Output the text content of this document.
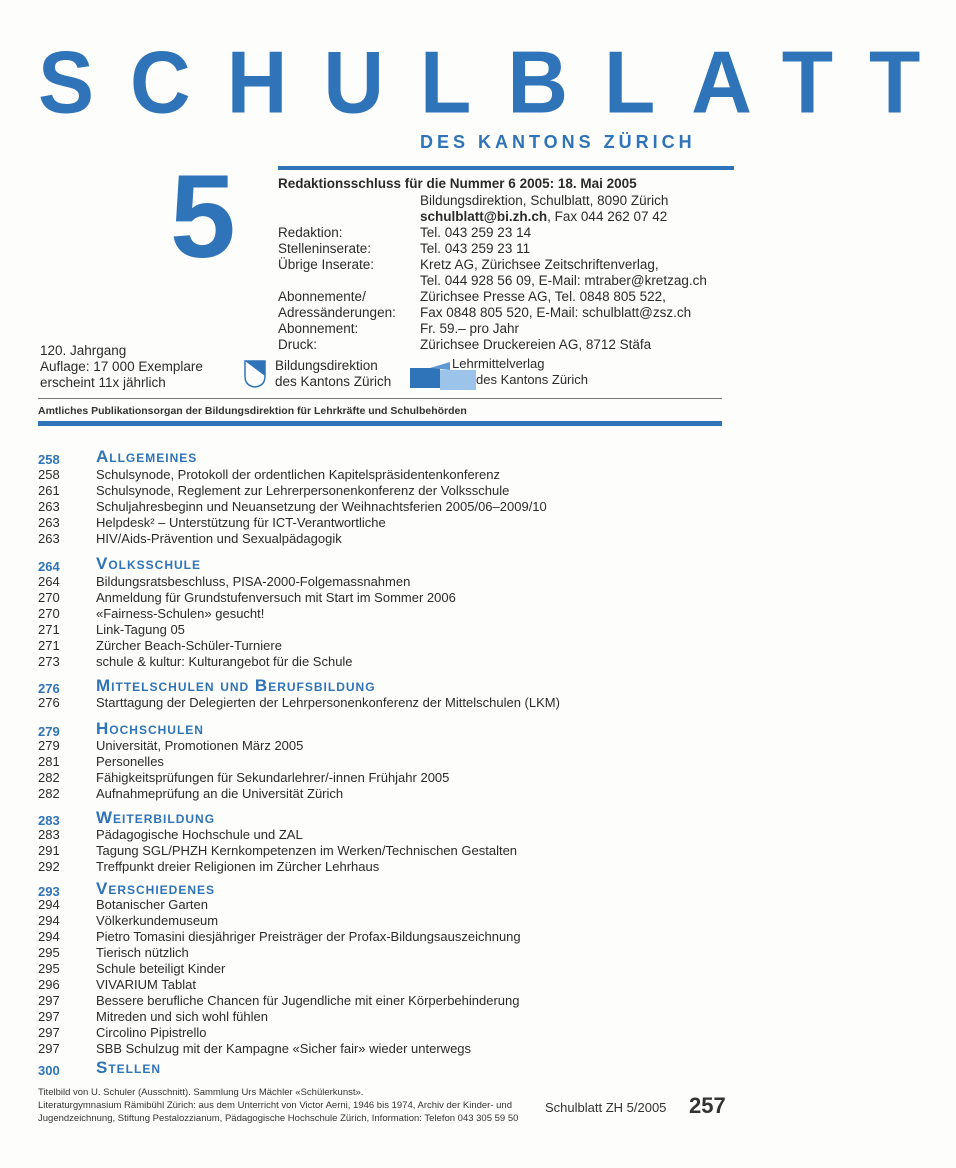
SCHULBLATT
DES KANTONS ZÜRICH
5	Redaktionsschluss für die Nummer 6 2005: 18. Mai 2005
Bildungsdirektion, Schulblatt, 8090 Zürich
schulblatt@bi.zh.ch, Fax 044 262 07 42
Redaktion:	Tel. 043 259 23 14
Stelleninserate:	Tel. 043 259 23 11
Übrige Inserate:	Kretz AG, Zürichsee Zeitschriftenverlag,
Tel. 044 928 56 09, E-Mail: mtraber@kretzag.ch
Abonnemente/	Zürichsee Presse AG, Tel. 0848 805 522,
Adressänderungen: Fax 0848 805 520, E-Mail: schulblatt@zsz.ch
Abonnement:	Fr. 59.– pro Jahr
Druck:	Zürichsee Druckereien AG, 8712 Stäfa
120. Jahrgang
Auflage: 17 000 Exemplare
erscheint 11x jährlich
Bildungsdirektion
des Kantons Zürich
Lehrmittelverlag
des Kantons Zürich
Amtliches Publikationsorgan der Bildungsdirektion für Lehrkräfte und Schulbehörden
258	Allgemeines
258	Schulsynode, Protokoll der ordentlichen Kapitelspräsidentenkonferenz
261	Schulsynode, Reglement zur Lehrerpersonenkonferenz der Volksschule
263	Schuljahresbeginn und Neuansetzung der Weihnachtsferien 2005/06–2009/10
263	Helpdesk² – Unterstützung für ICT-Verantwortliche
263	HIV/Aids-Prävention und Sexualpädagogik
264	Volksschule
264	Bildungsratsbeschluss, PISA-2000-Folgemassnahmen
270	Anmeldung für Grundstufenversuch mit Start im Sommer 2006
270	«Fairness-Schulen» gesucht!
271	Link-Tagung 05
271	Zürcher Beach-Schüler-Turniere
273	schule & kultur: Kulturangebot für die Schule
276	Mittelschulen und Berufsbildung
276	Starttagung der Delegierten der Lehrpersonenkonferenz der Mittelschulen (LKM)
279	Hochschulen
279	Universität, Promotionen März 2005
281	Personelles
282	Fähigkeitsprüfungen für Sekundarlehrer/-innen Frühjahr 2005
282	Aufnahmeprüfung an die Universität Zürich
283	Weiterbildung
283	Pädagogische Hochschule und ZAL
291	Tagung SGL/PHZH Kernkompetenzen im Werken/Technischen Gestalten
292	Treffpunkt dreier Religionen im Zürcher Lehrhaus
293	Verschiedenes
294	Botanischer Garten
294	Völkerkundemuseum
294	Pietro Tomasini diesjähriger Preisträger der Profax-Bildungsauszeichnung
295	Tierisch nützlich
295	Schule beteiligt Kinder
296	VIVARIUM Tablat
297	Bessere berufliche Chancen für Jugendliche mit einer Körperbehinderung
297	Mitreden und sich wohl fühlen
297	Circolino Pipistrello
297	SBB Schulzug mit der Kampagne «Sicher fair» wieder unterwegs
300	Stellen
Titelbild von U. Schuler (Ausschnitt). Sammlung Urs Mächler «Schülerkunst».
Literaturgymnasium Rämibühl Zürich: aus dem Unterricht von Victor Aerni, 1946 bis 1974, Archiv der Kinder- und
Jugendzeichnung, Stiftung Pestalozzianum, Pädagogische Hochschule Zürich, Information: Telefon 043 305 59 50
Schulblatt ZH 5/2005 257
